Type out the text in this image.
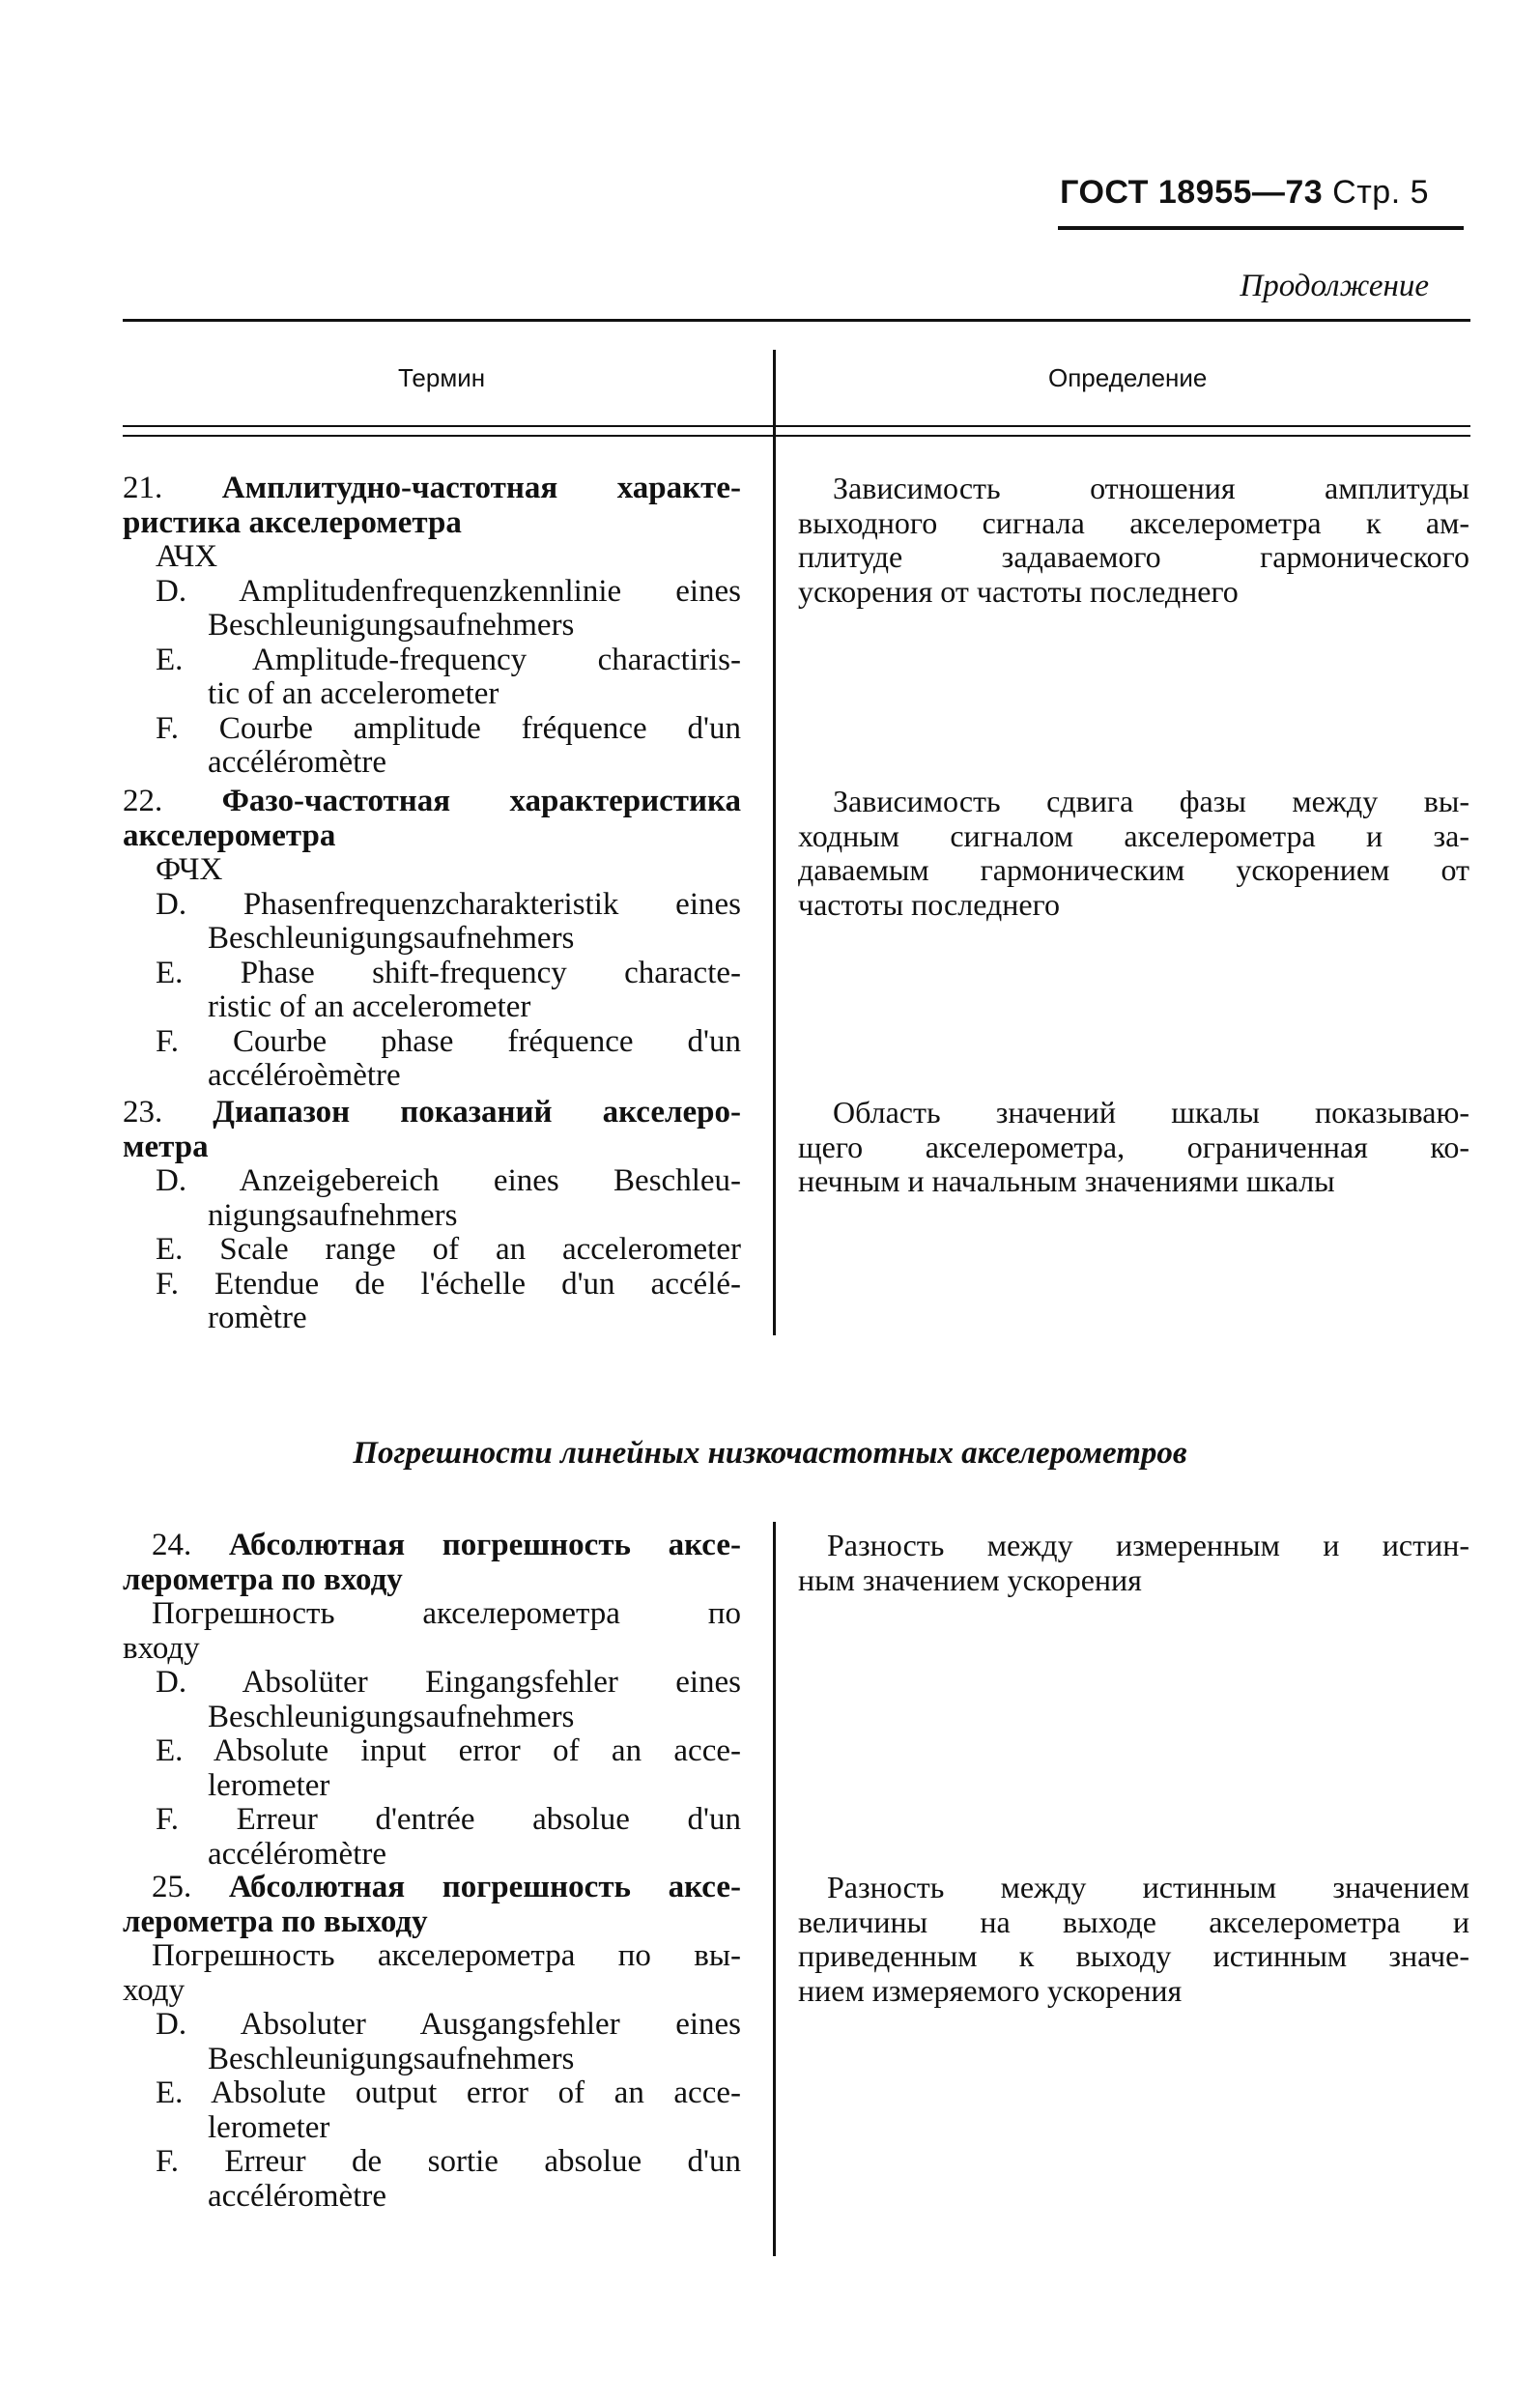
ГОСТ 18955—73 Стр. 5
Продолжение
Термин	Определение
21. Амплитудно-частотная характе-
ристика акселерометра
АЧХ
D. Amplitudenfrequenzkennlinie eines
Beschleunigungsaufnehmers
E. Amplitude-frequency charactiris-
tic of an accelerometer
F. Courbe amplitude fréquence d'un
accéléromètre
Зависимость отношения амплитуды
выходного сигнала акселерометра к ам-
плитуде задаваемого гармонического
ускорения от частоты последнего
22. Фазо-частотная характеристика
акселерометра
ФЧХ
D. Phasenfrequenzcharakteristik eines
Beschleunigungsaufnehmers
E. Phase shift-frequency characte-
ristic of an accelerometer
F. Courbe phase fréquence d'un
accéléroèmètre
Зависимость сдвига фазы между вы-
ходным сигналом акселерометра и за-
даваемым гармоническим ускорением от
частоты последнего
23. Диапазон показаний акселеро-
метра
D. Anzeigebereich eines Beschleu-
nigungsaufnehmers
E. Scale range of an accelerometer
F. Etendue de l'échelle d'un accélé-
romètre
Область значений шкалы показываю-
щего акселерометра, ограниченная ко-
нечным и начальным значениями шкалы
Погрешности линейных низкочастотных акселерометров
24. Абсолютная погрешность аксе-
лерометра по входу
Погрешность акселерометра по
входу
D. Absolüter Eingangsfehler eines
Beschleunigungsaufnehmers
E. Absolute input error of an acce-
lerometer
F. Erreur d'entrée absolue d'un
accéléromètre
Разность между измеренным и истин-
ным значением ускорения
25. Абсолютная погрешность аксе-
лерометра по выходу
Погрешность акселерометра по вы-
ходу
D. Absoluter Ausgangsfehler eines
Beschleunigungsaufnehmers
E. Absolute output error of an acce-
lerometer
F. Erreur de sortie absolue d'un
accéléromètre
Разность между истинным значением
величины на выходе акселерометра и
приведенным к выходу истинным значе-
нием измеряемого ускорения
